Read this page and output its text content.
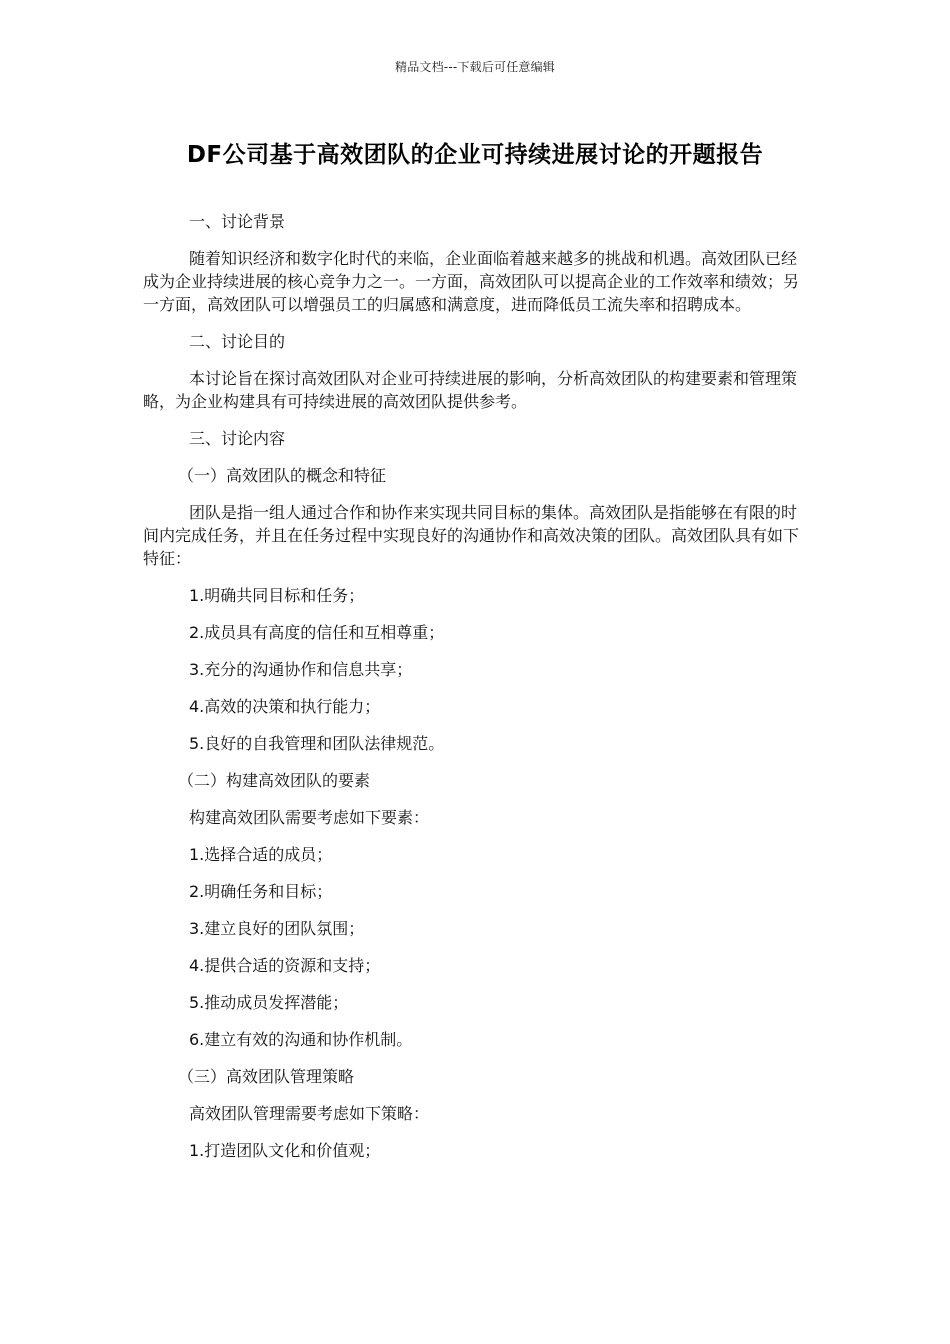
精品文档---下载后可任意编辑
DF公司基于高效团队的企业可持续进展讨论的开题报告

一、讨论背景

随着知识经济和数字化时代的来临，企业面临着越来越多的挑战和机遇。高效团队已经成为企业持续进展的核心竞争力之一。一方面，高效团队可以提高企业的工作效率和绩效；另一方面，高效团队可以增强员工的归属感和满意度，进而降低员工流失率和招聘成本。

二、讨论目的

本讨论旨在探讨高效团队对企业可持续进展的影响，分析高效团队的构建要素和管理策略，为企业构建具有可持续进展的高效团队提供参考。

三、讨论内容

（一）高效团队的概念和特征

团队是指一组人通过合作和协作来实现共同目标的集体。高效团队是指能够在有限的时间内完成任务，并且在任务过程中实现良好的沟通协作和高效决策的团队。高效团队具有如下特征：

1.明确共同目标和任务；

2.成员具有高度的信任和互相尊重；

3.充分的沟通协作和信息共享；

4.高效的决策和执行能力；

5.良好的自我管理和团队法律规范。

（二）构建高效团队的要素

构建高效团队需要考虑如下要素：

1.选择合适的成员；

2.明确任务和目标；

3.建立良好的团队氛围；

4.提供合适的资源和支持；

5.推动成员发挥潜能；

6.建立有效的沟通和协作机制。

（三）高效团队管理策略

高效团队管理需要考虑如下策略：

1.打造团队文化和价值观；
